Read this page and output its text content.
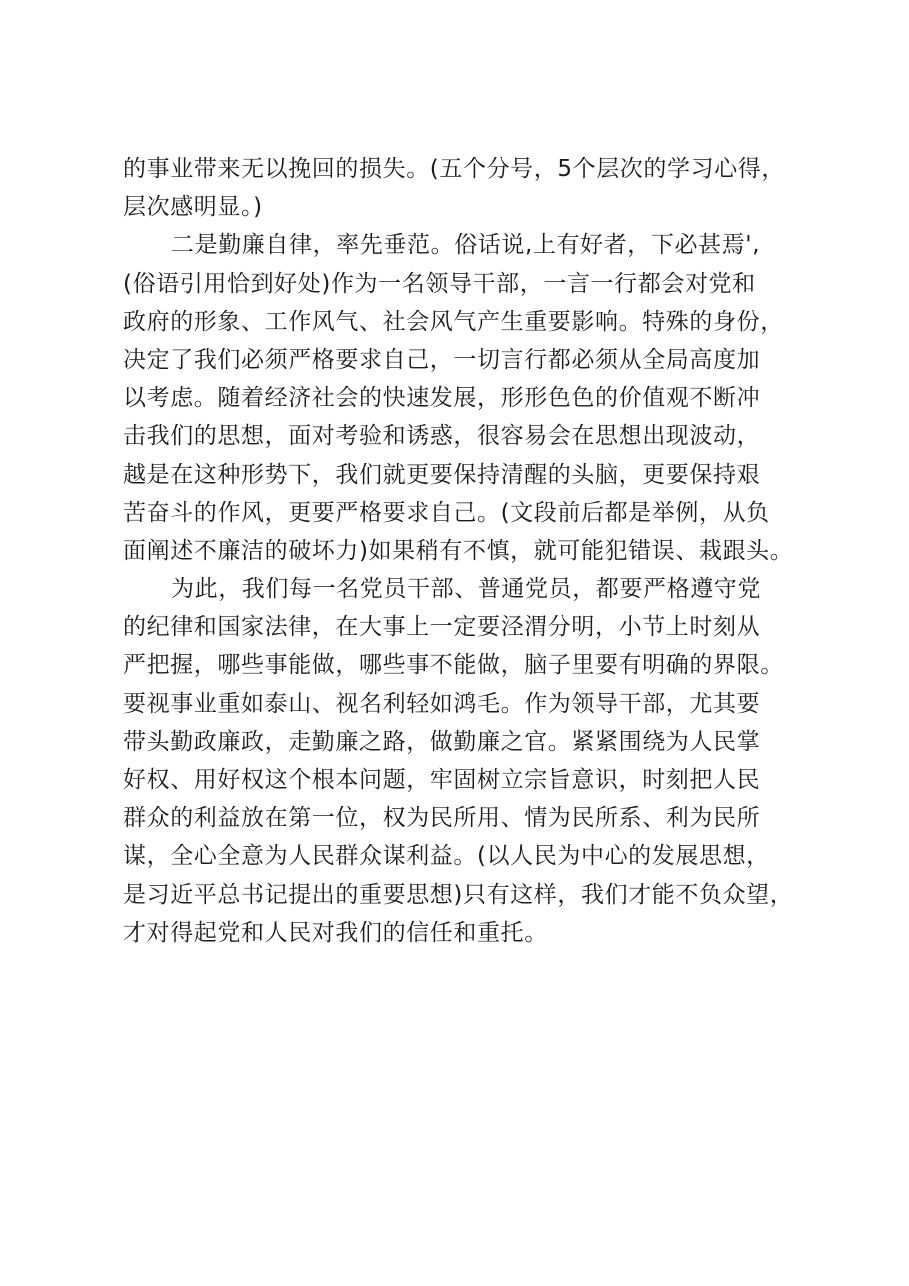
的事业带来无以挽回的损失。(五个分号，5个层次的学习心得，
层次感明显。)
二是勤廉自律，率先垂范。俗话说,上有好者，下必甚焉',
(俗语引用恰到好处)作为一名领导干部，一言一行都会对党和
政府的形象、工作风气、社会风气产生重要影响。特殊的身份，
决定了我们必须严格要求自己，一切言行都必须从全局高度加
以考虑。随着经济社会的快速发展，形形色色的价值观不断冲
击我们的思想，面对考验和诱惑，很容易会在思想出现波动，
越是在这种形势下，我们就更要保持清醒的头脑，更要保持艰
苦奋斗的作风，更要严格要求自己。(文段前后都是举例，从负
面阐述不廉洁的破坏力)如果稍有不慎，就可能犯错误、栽跟头。
为此，我们每一名党员干部、普通党员，都要严格遵守党
的纪律和国家法律，在大事上一定要泾渭分明，小节上时刻从
严把握，哪些事能做，哪些事不能做，脑子里要有明确的界限。
要视事业重如泰山、视名利轻如鸿毛。作为领导干部，尤其要
带头勤政廉政，走勤廉之路，做勤廉之官。紧紧围绕为人民掌
好权、用好权这个根本问题，牢固树立宗旨意识，时刻把人民
群众的利益放在第一位，权为民所用、情为民所系、利为民所
谋，全心全意为人民群众谋利益。(以人民为中心的发展思想，
是习近平总书记提出的重要思想)只有这样，我们才能不负众望，
才对得起党和人民对我们的信任和重托。
